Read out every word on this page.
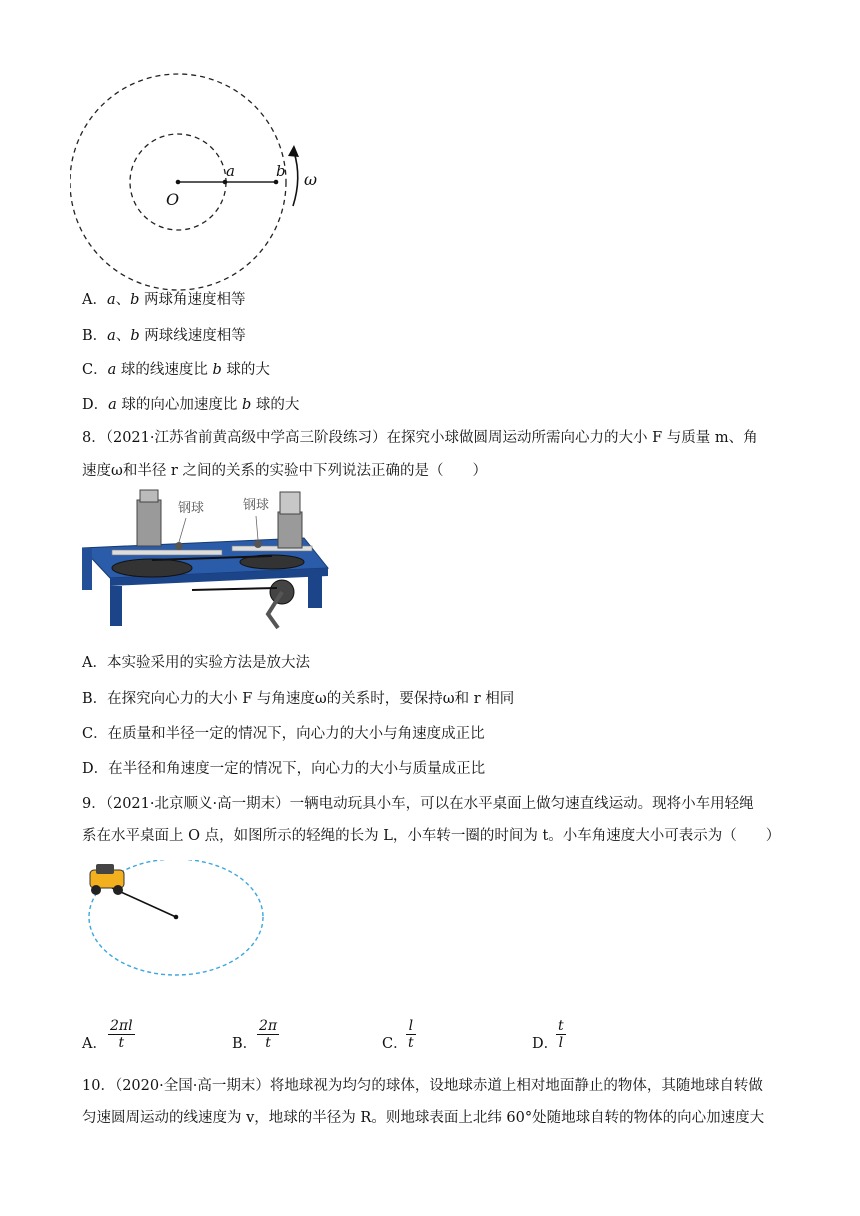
O
a	b ω
A．a、b 两球角速度相等
B．a、b 两球线速度相等
C．a 球的线速度比 b 球的大
D．a 球的向心加速度比 b 球的大
8．（2021·江苏省前黄高级中学高三阶段练习）在探究小球做圆周运动所需向心力的大小 F 与质量 m、角
速度ω和半径 r 之间的关系的实验中下列说法正确的是（　　）
钢球	钢球
A．本实验采用的实验方法是放大法
B．在探究向心力的大小 F 与角速度ω的关系时，要保持ω和 r 相同
C．在质量和半径一定的情况下，向心力的大小与角速度成正比
D．在半径和角速度一定的情况下，向心力的大小与质量成正比
9．（2021·北京顺义·高一期末）一辆电动玩具小车，可以在水平桌面上做匀速直线运动。现将小车用轻绳
系在水平桌面上 O 点，如图所示的轻绳的长为 L，小车转一圈的时间为 t。小车角速度大小可表示为（　　）
A． $\frac{2\pi l}{t}$	B． $\frac{2\pi}{t}$	C．
$\frac{l}{t}$	D．
$\frac{t}{l}$
10．（2020·全国·高一期末）将地球视为均匀的球体，设地球赤道上相对地面静止的物体，其随地球自转做
匀速圆周运动的线速度为 v，地球的半径为 R。则地球表面上北纬 60°处随地球自转的物体的向心加速度大
